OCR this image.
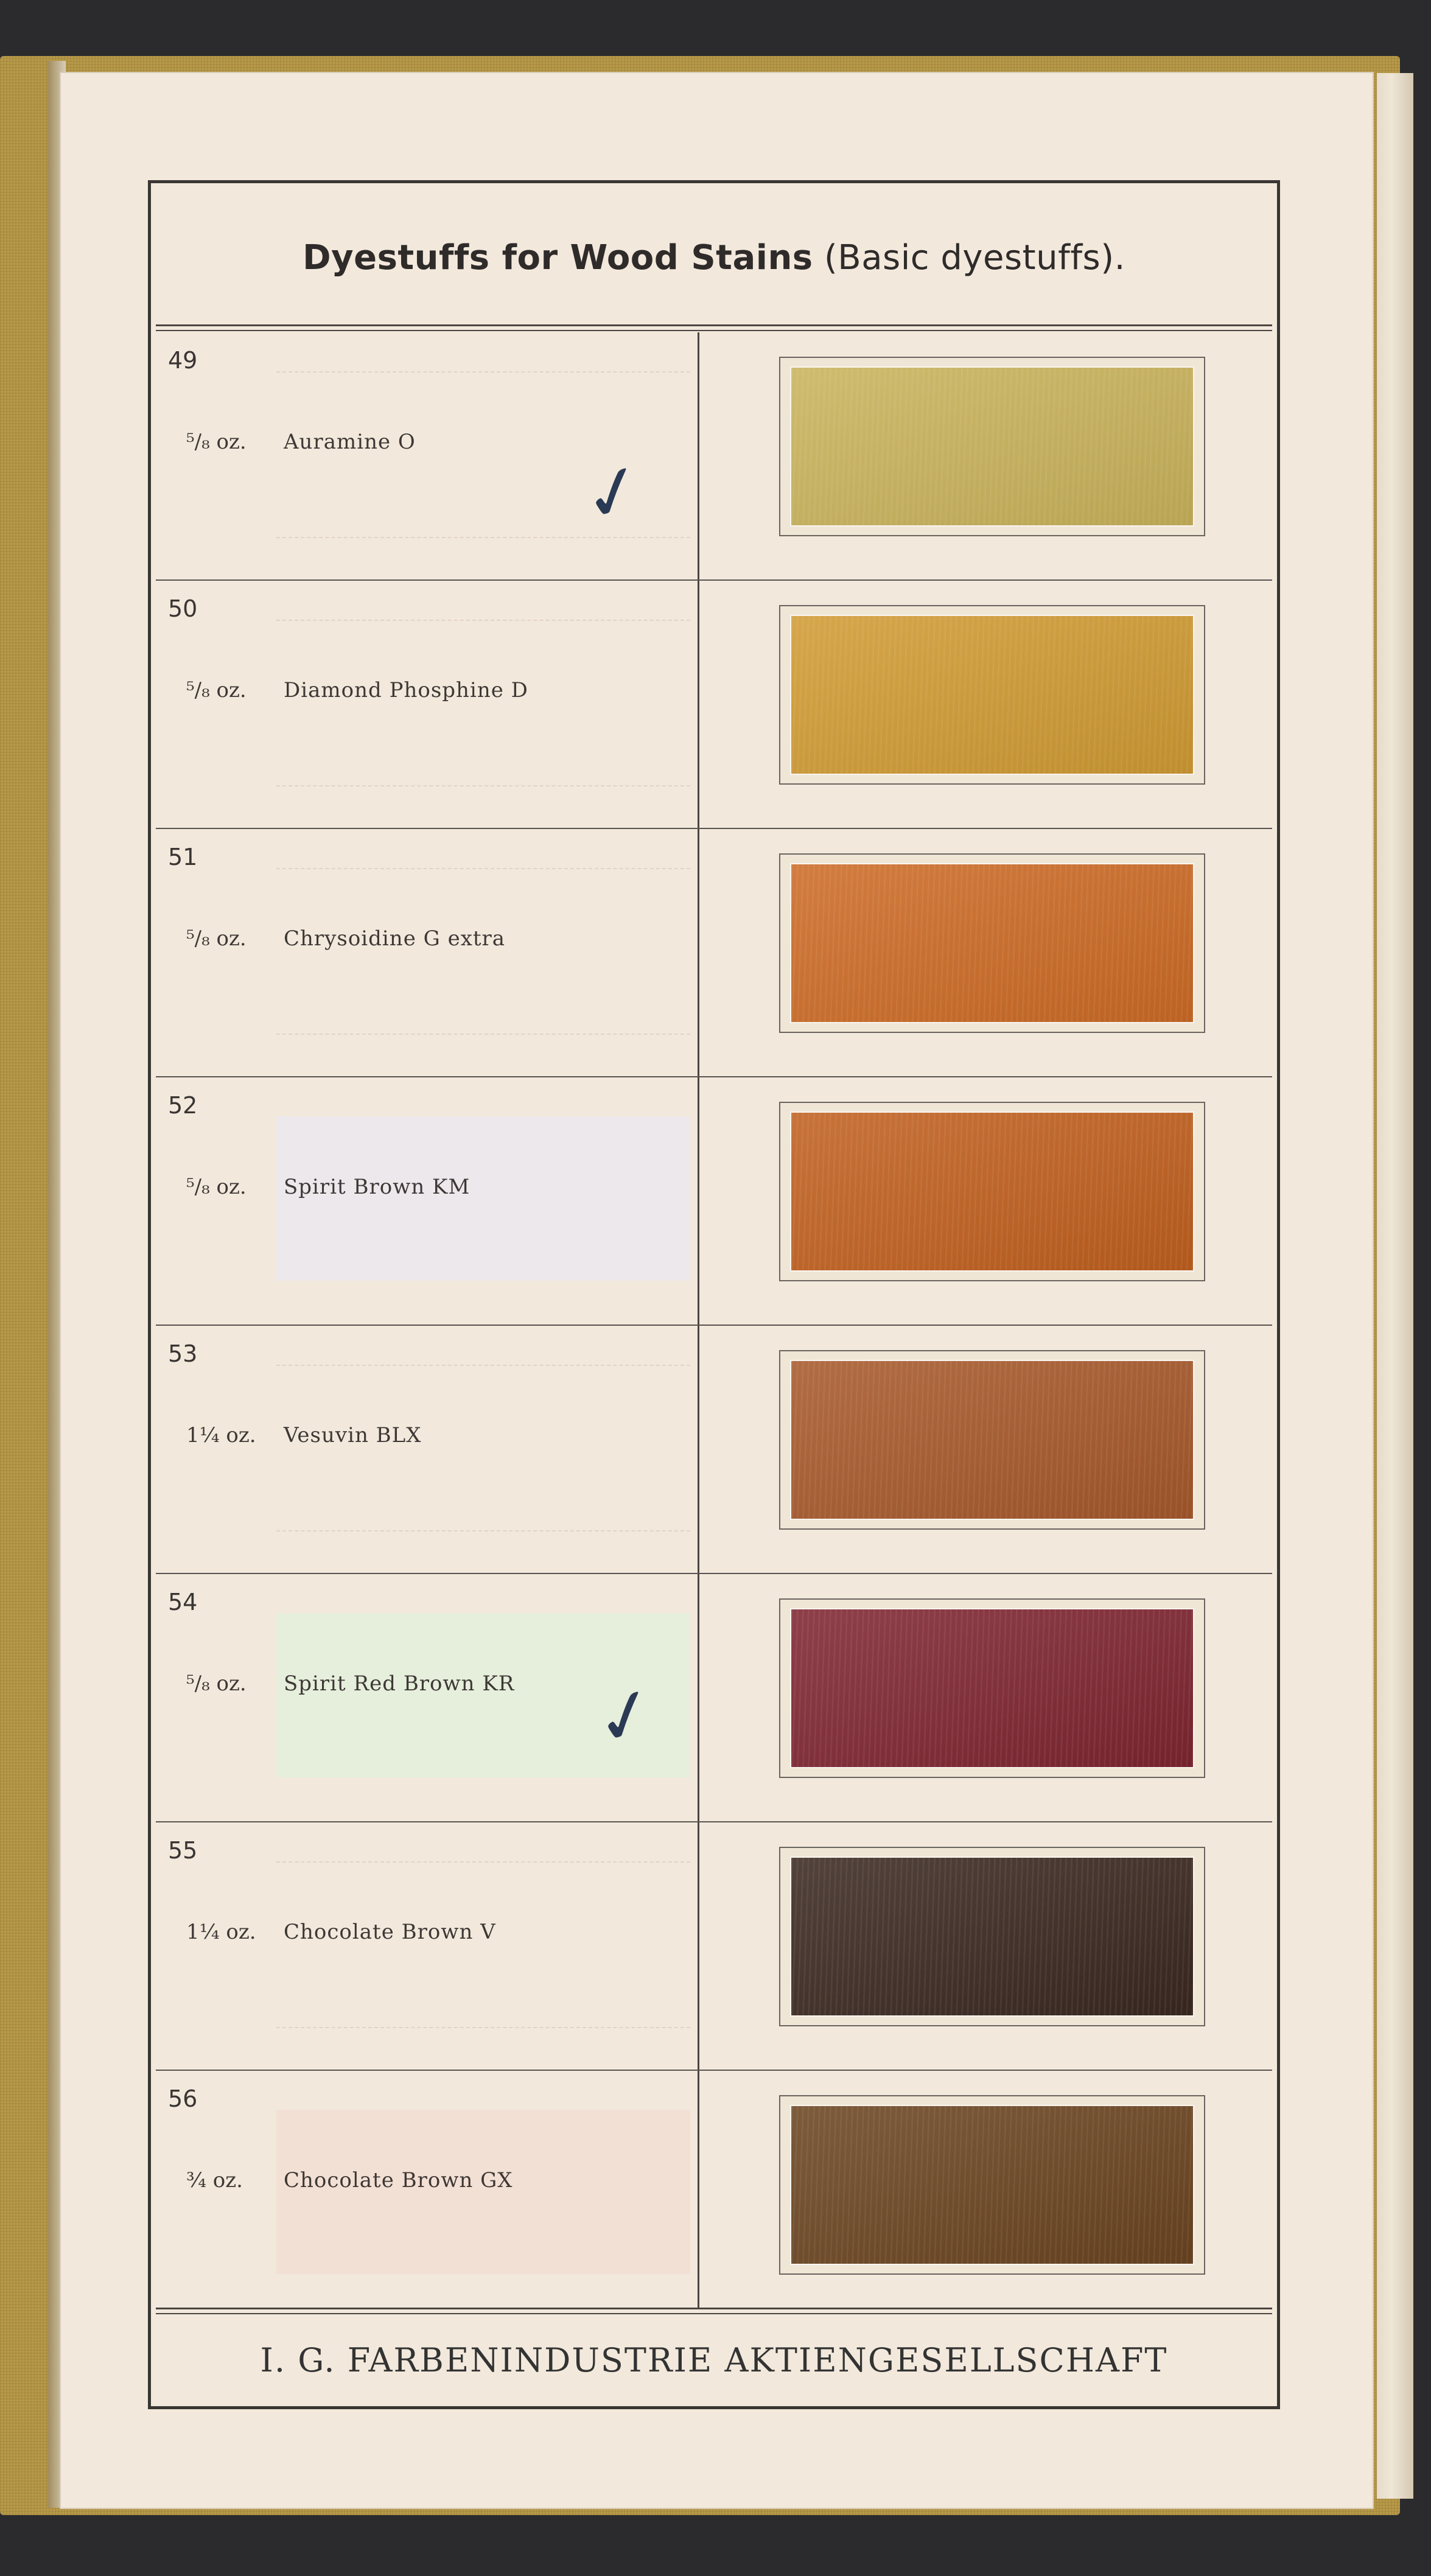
Dyestuffs for Wood Stains (Basic dyestuffs).
49
⁵/₈ oz. Auramine O
50
⁵/₈ oz. Diamond Phosphine D
51
⁵/₈ oz. Chrysoidine G extra
52
⁵/₈ oz. Spirit Brown KM
53
1¼ oz. Vesuvin BLX
54
⁵/₈ oz. Spirit Red Brown KR
55
1¼ oz. Chocolate Brown V
56
¾ oz. Chocolate Brown GX
✓
✓
I. G. FARBENINDUSTRIE AKTIENGESELLSCHAFT
